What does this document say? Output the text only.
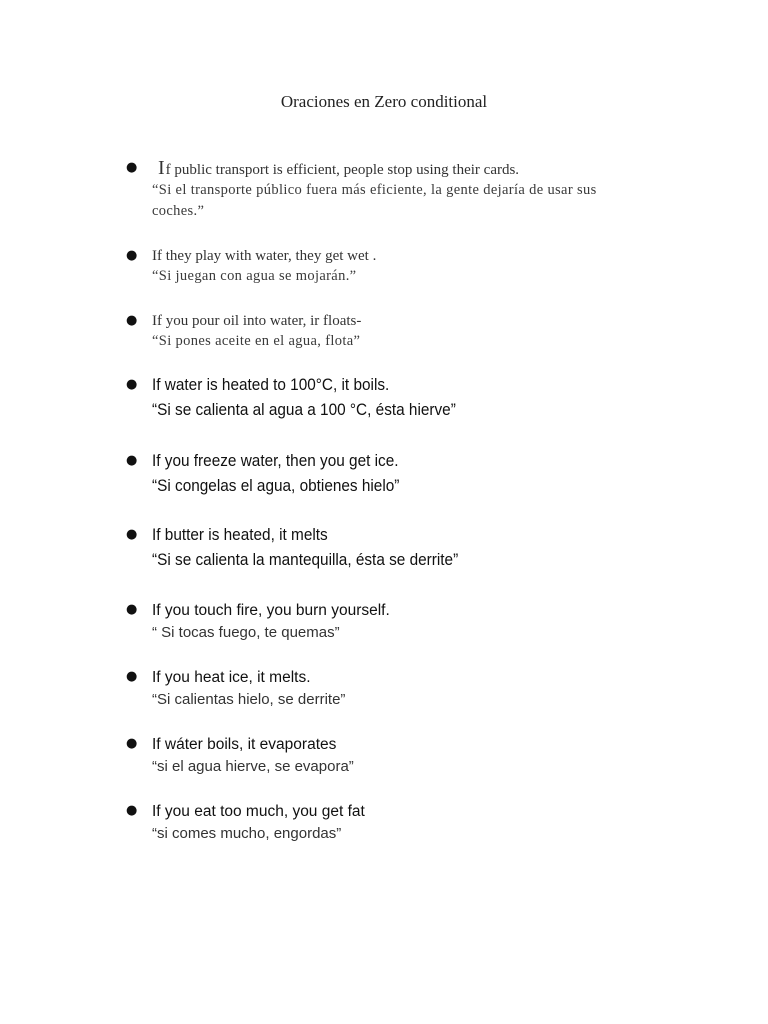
Oraciones en Zero conditional
●	If public transport is efficient, people stop using their cards.
“Si el transporte público fuera más eficiente, la gente dejaría de usar sus coches.”
● If they play with water, they get wet .
“Si juegan con agua se mojarán.”
● If you pour oil into water, ir floats-
“Si pones aceite en el agua, flota”
● If water is heated to 100°C, it boils.
“Si se calienta al agua a 100 °C, ésta hierve”
● If you freeze water, then you get ice.
“Si congelas el agua, obtienes hielo”
● If butter is heated, it melts
“Si se calienta la mantequilla, ésta se derrite”
● If you touch fire, you burn yourself.
“ Si tocas fuego, te quemas”
● If you heat ice, it melts.
“Si calientas hielo, se derrite”
● If wáter boils, it evaporates
“si el agua hierve, se evapora”
● If you eat too much, you get fat
“si comes mucho, engordas”
